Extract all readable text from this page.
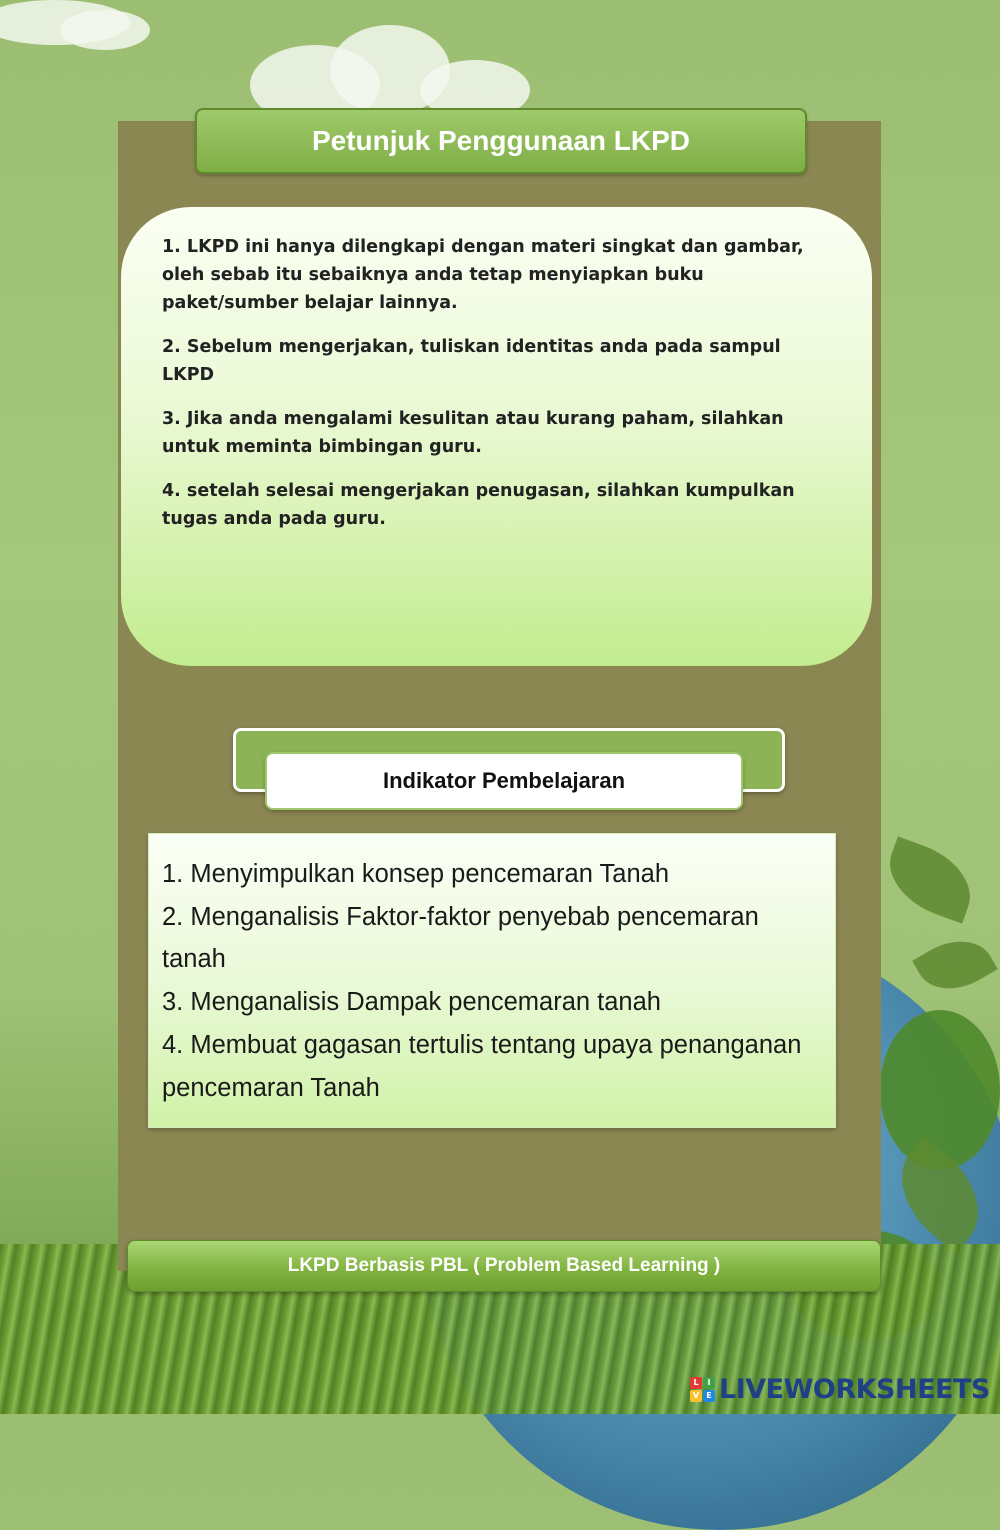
Petunjuk Penggunaan LKPD

1. LKPD ini hanya dilengkapi dengan materi singkat dan gambar, oleh sebab itu sebaiknya anda tetap menyiapkan buku paket/sumber belajar lainnya.

2. Sebelum mengerjakan, tuliskan identitas anda pada sampul LKPD

3. Jika anda mengalami kesulitan atau kurang paham, silahkan untuk meminta bimbingan guru.

4. setelah selesai mengerjakan penugasan, silahkan kumpulkan tugas anda pada guru.

Indikator Pembelajaran
1. Menyimpulkan konsep pencemaran Tanah
2. Menganalisis Faktor-faktor penyebab pencemaran tanah
3. Menganalisis Dampak pencemaran tanah
4. Membuat gagasan tertulis tentang upaya penanganan pencemaran Tanah
LKPD Berbasis PBL ( Problem Based Learning )
L	I
V E LIVEWORKSHEETS
